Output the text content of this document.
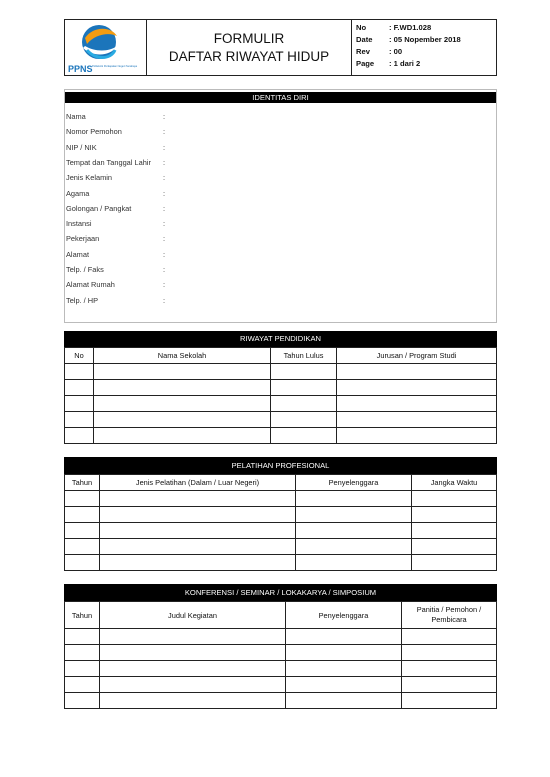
PPNS Politeknik Perkapalan Negeri Surabaya

FORMULIR
DAFTAR RIWAYAT HIDUP

No	: F.WD1.028
Date	: 05 Nopember 2018
Rev	: 00
Page	: 1 dari 2
IDENTITAS DIRI
Nama	:
Nomor Pemohon	:
NIP / NIK	:
Tempat dan Tanggal Lahir :
Jenis Kelamin	:
Agama	:
Golongan / Pangkat	:
Instansi	:
Pekerjaan	:
Alamat	:
Telp. / Faks	:
Alamat Rumah	:
Telp. / HP	:
RIWAYAT PENDIDIKAN
No	Nama Sekolah	Tahun Lulus	Jurusan / Program Studi

PELATIHAN PROFESIONAL
Tahun	Jenis Pelatihan (Dalam / Luar Negeri)	Penyelenggara	Jangka Waktu

KONFERENSI / SEMINAR / LOKAKARYA / SIMPOSIUM
Tahun	Judul Kegiatan	Penyelenggara	Panitia / Pemohon / Pembicara
